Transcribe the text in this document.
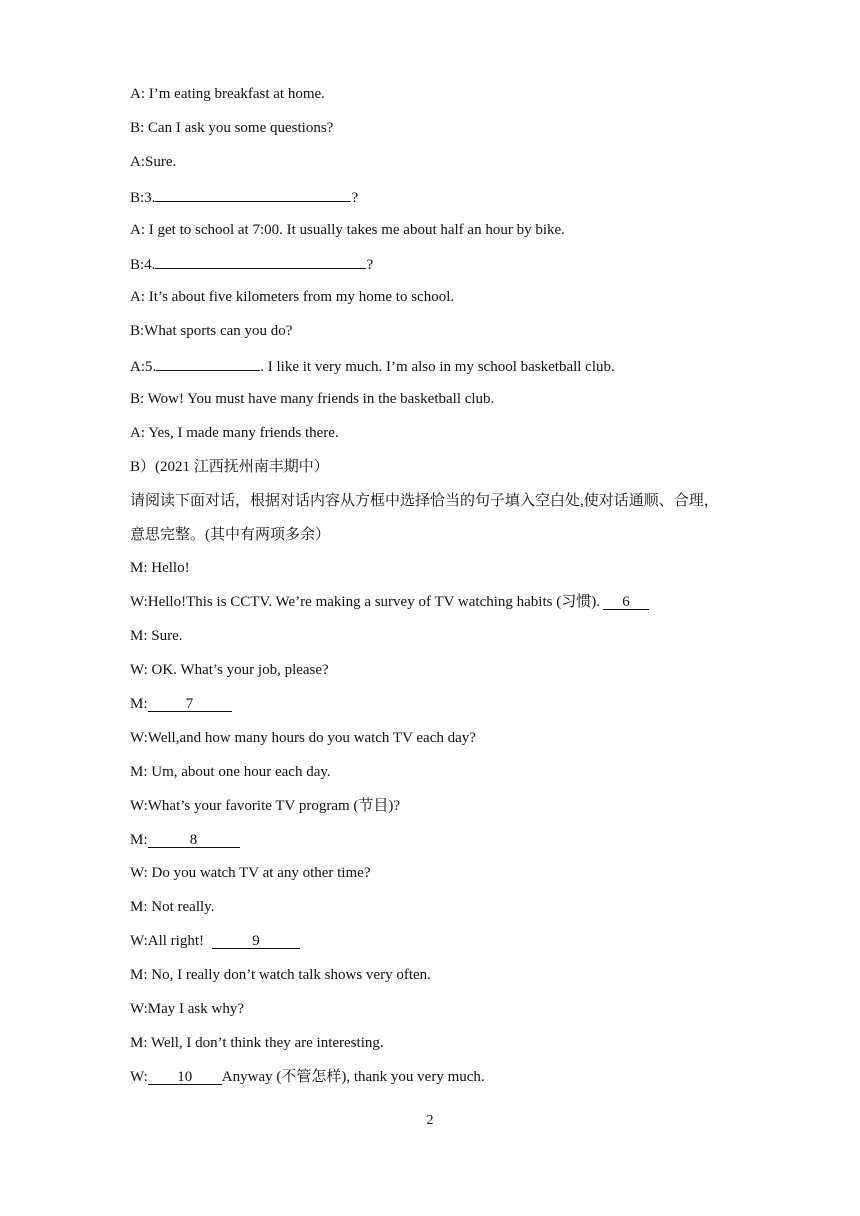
A: I’m eating breakfast at home.
B: Can I ask you some questions?
A:Sure.
B:3.	?
A: I get to school at 7:00. It usually takes me about half an hour by bike.
B:4.	?
A: It’s about five kilometers from my home to school.
B:What sports can you do?
A:5.	. I like it very much. I’m also in my school basketball club.
B: Wow! You must have many friends in the basketball club.
A: Yes, I made many friends there.
B）(2021 江西抚州南丰期中）
请阅读下面对话，根据对话内容从方框中选择恰当的句子填入空白处,使对话通顺、合理，
意思完整。(其中有两项多余）
M: Hello!
W:Hello!This is CCTV. We’re making a survey of TV watching habits (习惯). 6
M: Sure.
W: OK. What’s your job, please?
M:	7
W:Well,and how many hours do you watch TV each day?
M: Um, about one hour each day.
W:What’s your favorite TV program (节目)?
M:	8
W: Do you watch TV at any other time?
M: Not really.
W:All right!	9
M: No, I really don’t watch talk shows very often.
W:May I ask why?
M: Well, I don’t think they are interesting.
W: 10 Anyway (不管怎样), thank you very much.
2
